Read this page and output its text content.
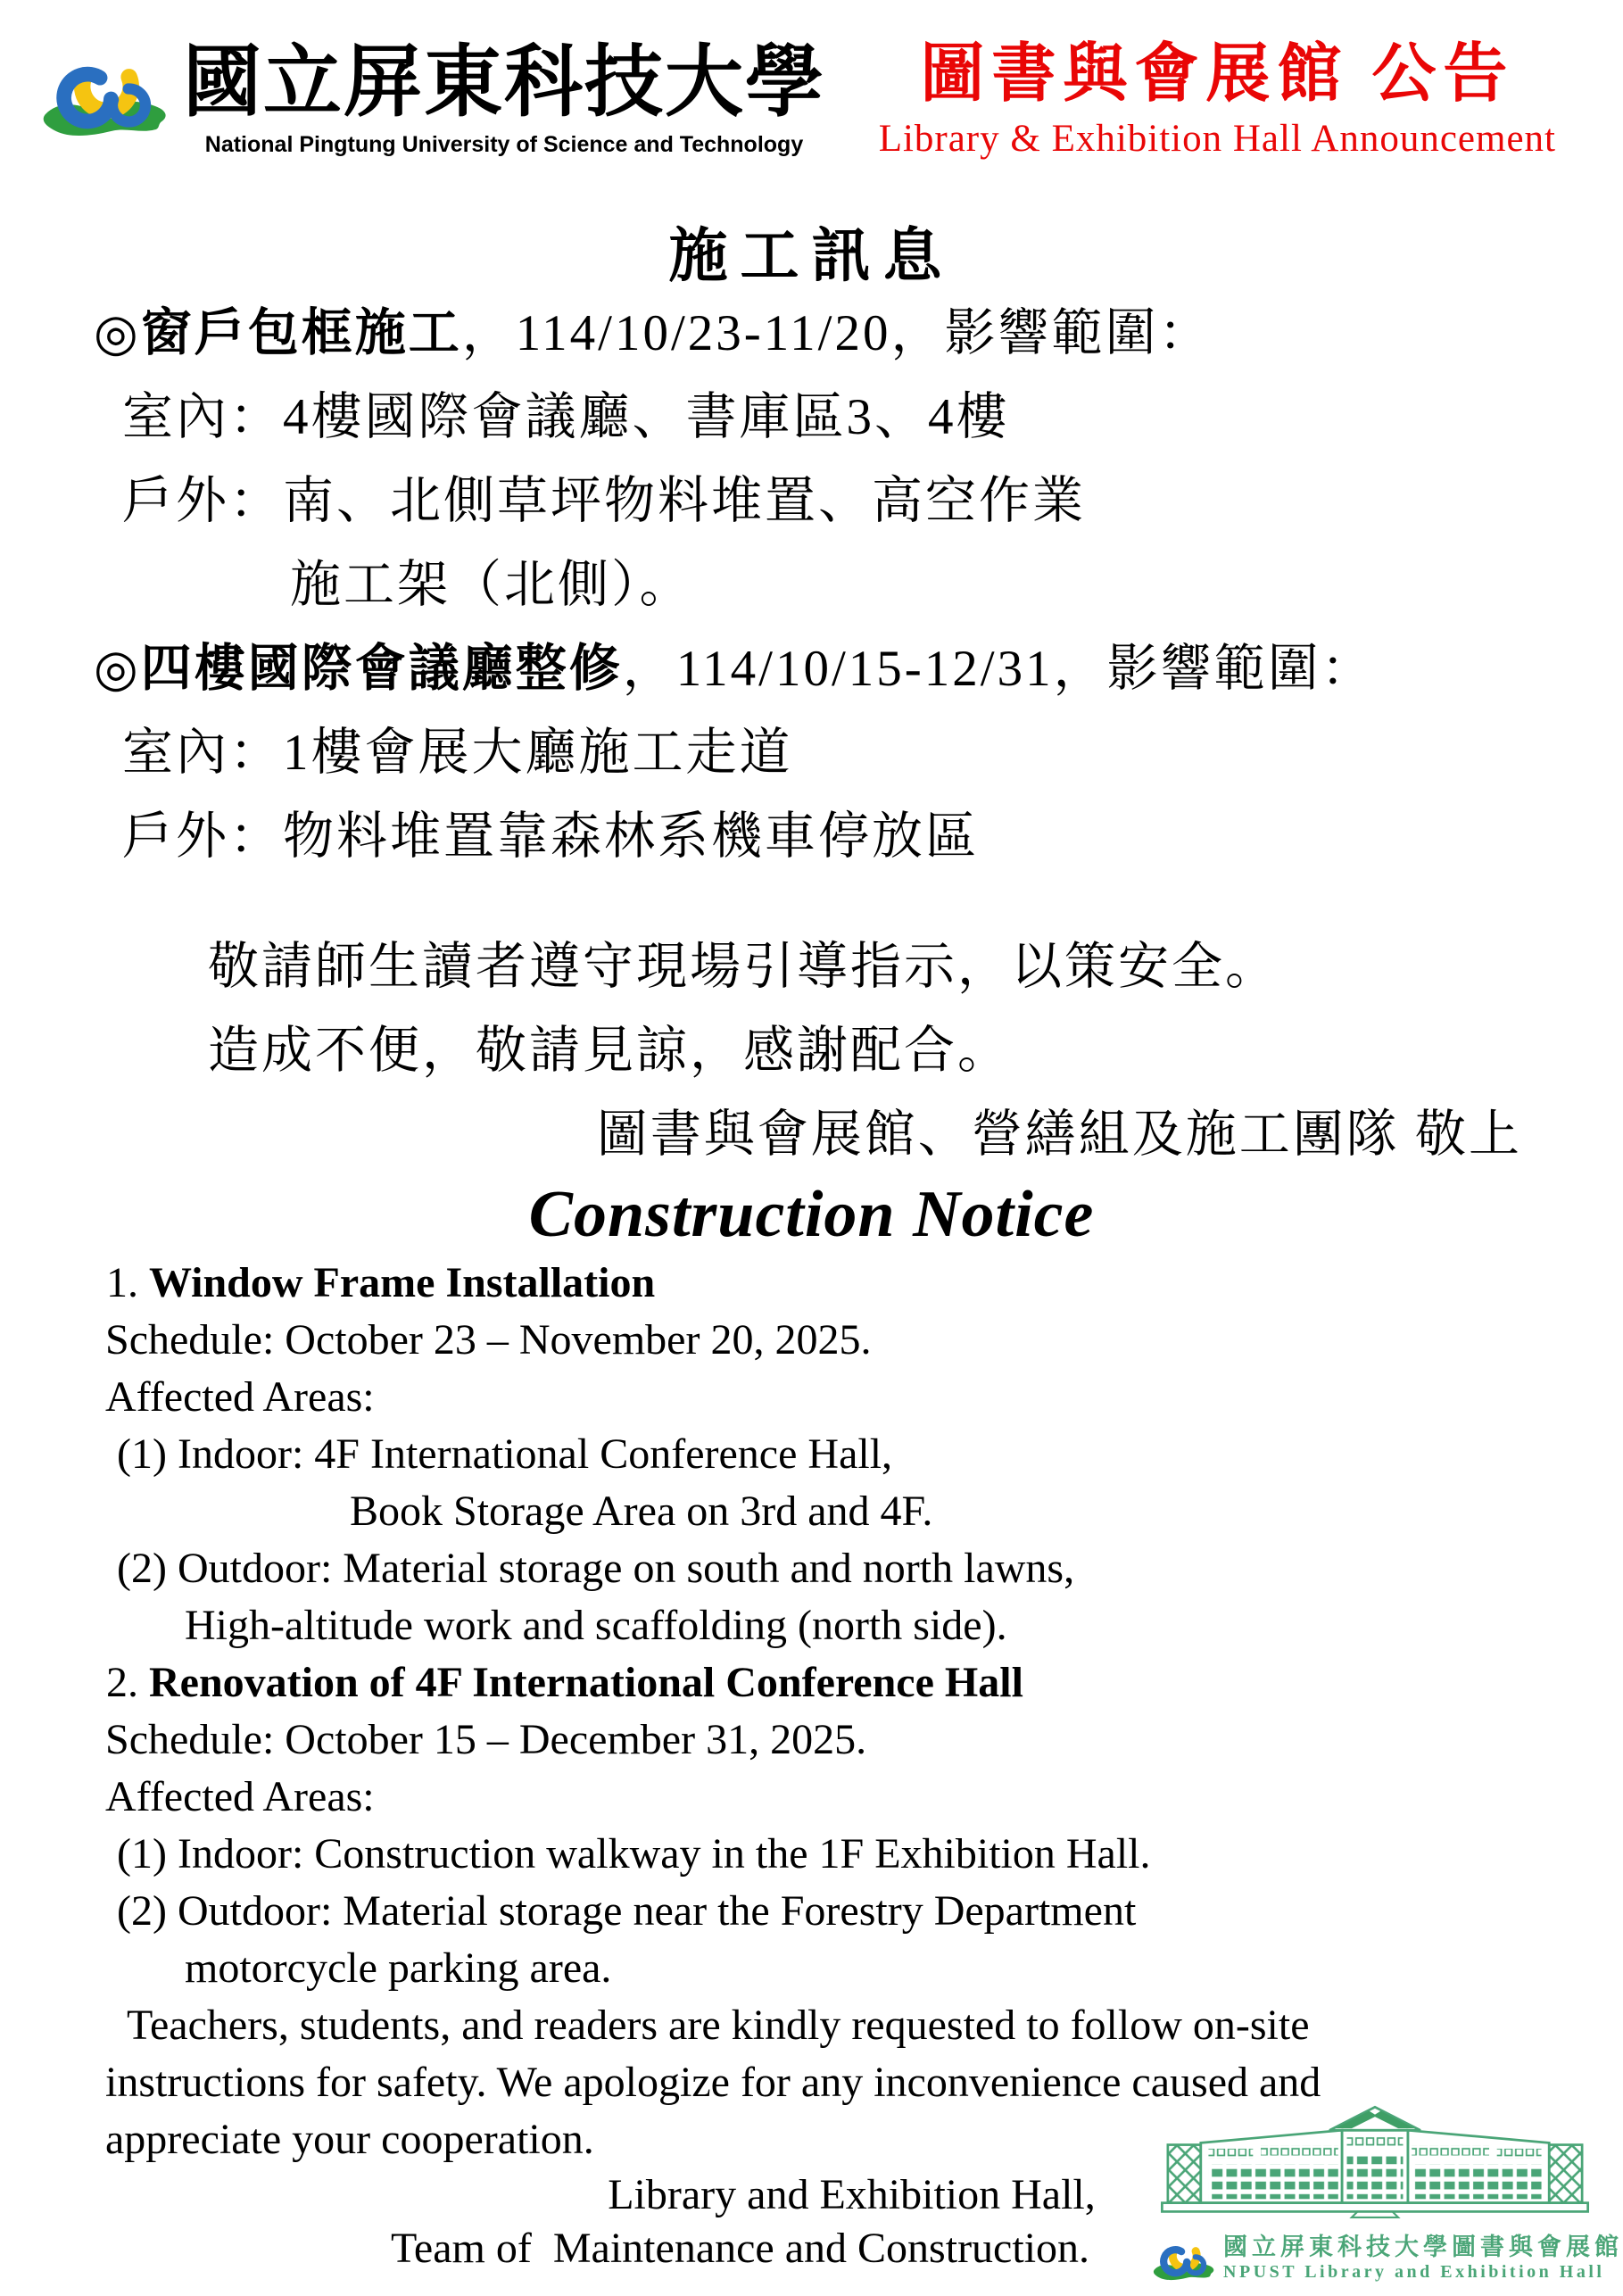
國立屏東科技大學
National Pingtung University of Science and Technology
圖書與會展館 公告
Library & Exhibition Hall Announcement
施工訊息
◎窗戶包框施工，114/10/23-11/20，影響範圍：
室內：4樓國際會議廳、書庫區3、4樓
戶外：南、北側草坪物料堆置、高空作業
施工架（北側）。
◎四樓國際會議廳整修，114/10/15-12/31，影響範圍：
室內：1樓會展大廳施工走道
戶外：物料堆置靠森林系機車停放區
敬請師生讀者遵守現場引導指示，以策安全。
造成不便，敬請見諒，感謝配合。
圖書與會展館、營繕組及施工團隊 敬上
Construction Notice
1. Window Frame Installation
Schedule: October 23 – November 20, 2025.
Affected Areas:
(1) Indoor: 4F International Conference Hall,
Book Storage Area on 3rd and 4F.
(2) Outdoor: Material storage on south and north lawns,
High-altitude work and scaffolding (north side).
2. Renovation of 4F International Conference Hall
Schedule: October 15 – December 31, 2025.
Affected Areas:
(1) Indoor: Construction walkway in the 1F Exhibition Hall.
(2) Outdoor: Material storage near the Forestry Department
motorcycle parking area.
Teachers, students, and readers are kindly requested to follow on-site
instructions for safety. We apologize for any inconvenience caused and
appreciate your cooperation.
Library and Exhibition Hall,
Team of  Maintenance and Construction.	國立屏東科技大學圖書與會展館
NPUST Library and Exhibition Hall
